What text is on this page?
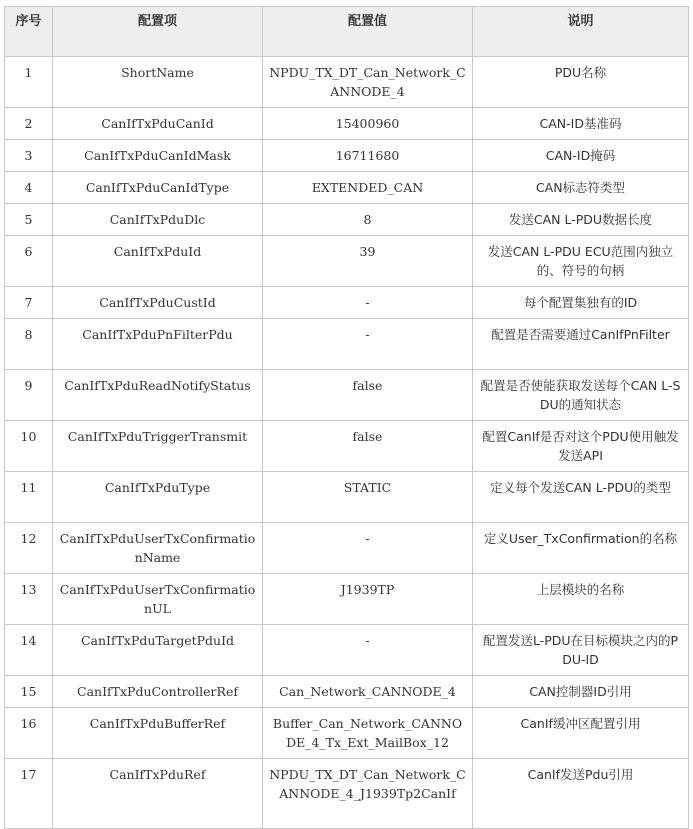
序号	配置项	配置值	说明
1	ShortName	NPDU_TX_DT_Can_Network_CANNODE_4	PDU名称
2	CanIfTxPduCanId	15400960	CAN-ID基准码
3	CanIfTxPduCanIdMask	16711680	CAN-ID掩码
4	CanIfTxPduCanIdType	EXTENDED_CAN	CAN标志符类型
5	CanIfTxPduDlc	8	发送CAN L-PDU数据长度
6	CanIfTxPduId	39	发送CAN L-PDU ECU范围内独立的、符号的句柄
7	CanIfTxPduCustId	-	每个配置集独有的ID
8	CanIfTxPduPnFilterPdu	-	配置是否需要通过CanIfPnFilter
9	CanIfTxPduReadNotifyStatus	false	配置是否使能获取发送每个CAN L-SDU的通知状态
10	CanIfTxPduTriggerTransmit	false	配置CanIf是否对这个PDU使用触发发送API
11	CanIfTxPduType	STATIC	定义每个发送CAN L-PDU的类型
12	CanIfTxPduUserTxConfirmationName	-	定义User_TxConfirmation的名称
13	CanIfTxPduUserTxConfirmationUL	J1939TP	上层模块的名称
14	CanIfTxPduTargetPduId	-	配置发送L-PDU在目标模块之内的PDU-ID
15	CanIfTxPduControllerRef	Can_Network_CANNODE_4	CAN控制器ID引用
16	CanIfTxPduBufferRef	Buffer_Can_Network_CANNODE_4_Tx_Ext_MailBox_12	CanIf缓冲区配置引用
17	CanIfTxPduRef	NPDU_TX_DT_Can_Network_CANNODE_4_J1939Tp2CanIf	CanIf发送Pdu引用
